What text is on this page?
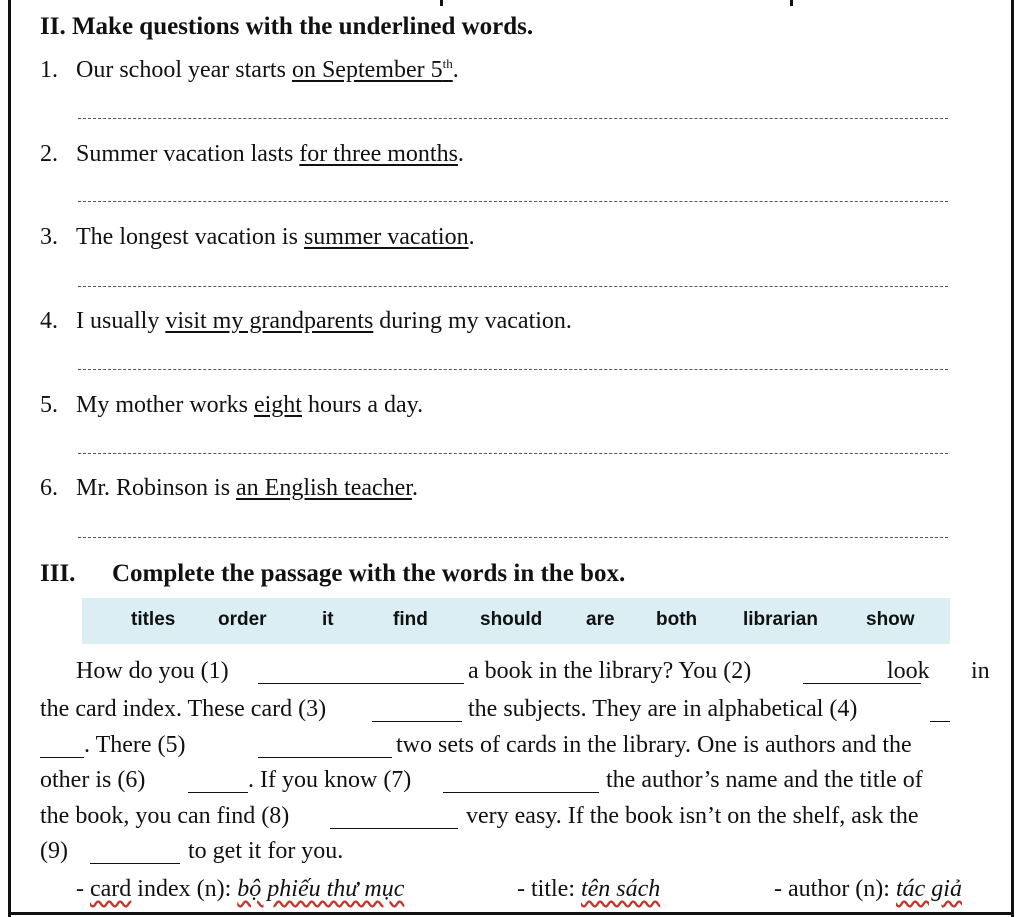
II. Make questions with the underlined words.
1. Our school year starts on September 5th.
2. Summer vacation lasts for three months.
3. The longest vacation is summer vacation.
4. I usually visit my grandparents during my vacation.
5. My mother works eight hours a day.
6. Mr. Robinson is an English teacher.
III. Complete the passage with the words in the box.
titles order	it	find	should are both librarian	show
How do you (1)	a book in the library? You (2)	look in
the card index. These card (3)	the subjects. They are in alphabetical (4)
. There (5)	two sets of cards in the library. One is authors and the
other is (6)	. If you know (7)	the author’s name and the title of
the book, you can find (8)	very easy. If the book isn’t on the shelf, ask the
(9)	to get it for you.
- card index (n): bộ phiếu thư mục	- title: tên sách	- author (n): tác giả
